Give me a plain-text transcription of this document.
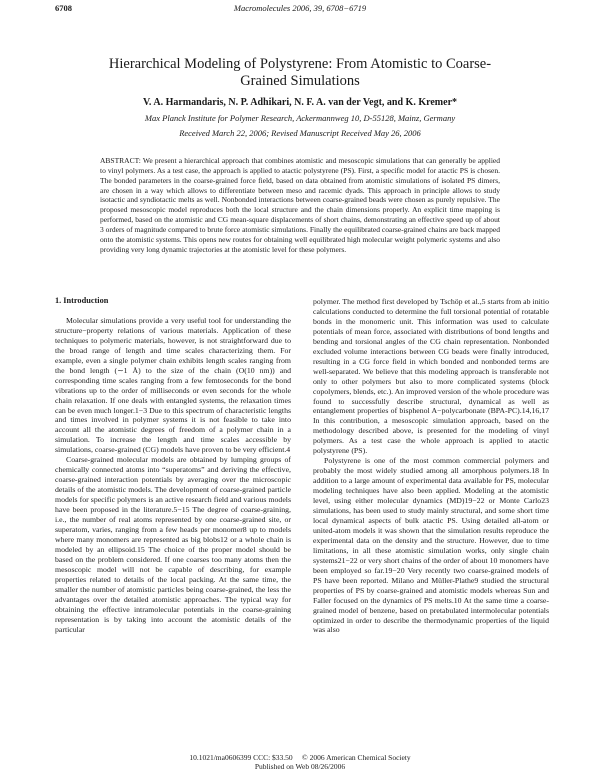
6708	Macromolecules 2006, 39, 6708−6719
Hierarchical Modeling of Polystyrene: From Atomistic to Coarse-Grained Simulations
V. A. Harmandaris, N. P. Adhikari, N. F. A. van der Vegt, and K. Kremer*
Max Planck Institute for Polymer Research, Ackermannweg 10, D-55128, Mainz, Germany
Received March 22, 2006; Revised Manuscript Received May 26, 2006
ABSTRACT: We present a hierarchical approach that combines atomistic and mesoscopic simulations that can generally be applied to vinyl polymers. As a test case, the approach is applied to atactic polystyrene (PS). First, a specific model for atactic PS is chosen. The bonded parameters in the coarse-grained force field, based on data obtained from atomistic simulations of isolated PS dimers, are chosen in a way which allows to differentiate between meso and racemic dyads. This approach in principle allows to study isotactic and syndiotactic melts as well. Nonbonded interactions between coarse-grained beads were chosen as purely repulsive. The proposed mesoscopic model reproduces both the local structure and the chain dimensions properly. An explicit time mapping is performed, based on the atomistic and CG mean-square displacements of short chains, demonstrating an effective speed up of about 3 orders of magnitude compared to brute force atomistic simulations. Finally the equilibrated coarse-grained chains are back mapped onto the atomistic systems. This opens new routes for obtaining well equilibrated high molecular weight polymeric systems and also providing very long dynamic trajectories at the atomistic level for these polymers.
1. Introduction

Molecular simulations provide a very useful tool for understanding the structure−property relations of various materials. Application of these techniques to polymeric materials, however, is not straightforward due to the broad range of length and time scales characterizing them. For example, even a single polymer chain exhibits length scales ranging from the bond length (∼1 Å) to the size of the chain (O(10 nm)) and corresponding time scales ranging from a few femtoseconds for the bond vibrations up to the order of milliseconds or even seconds for the whole chain relaxation. If one deals with entangled systems, the relaxation times can be even much longer.1−3 Due to this spectrum of characteristic lengths and times involved in polymer systems it is not feasible to take into account all the atomistic degrees of freedom of a polymer chain in a simulation. To increase the length and time scales accessible by simulations, coarse-grained (CG) models have proven to be very efficient.4

Coarse-grained molecular models are obtained by lumping groups of chemically connected atoms into “superatoms” and deriving the effective, coarse-grained interaction potentials by averaging over the microscopic details of the atomistic models. The development of coarse-grained particle models for specific polymers is an active research field and various models have been proposed in the literature.5−15 The degree of coarse-graining, i.e., the number of real atoms represented by one coarse-grained site, or superatom, varies, ranging from a few heads per monomer8 up to models where many monomers are represented as big blobs12 or a whole chain is modeled by an ellipsoid.15 The choice of the proper model should be based on the problem considered. If one coarses too many atoms then the mesoscopic model will not be capable of describing, for example properties related to details of the local packing. At the same time, the smaller the number of atomistic particles being coarse-grained, the less the advantages over the detailed atomistic approaches. The typical way for obtaining the effective intramolecular potentials in the coarse-graining representation is by taking into account the atomistic details of the particular

polymer. The method first developed by Tschöp et al.,5 starts from ab initio calculations conducted to determine the full torsional potential of rotatable bonds in the monomeric unit. This information was used to calculate potentials of mean force, associated with distributions of bond lengths and bending and torsional angles of the CG chain representation. Nonbonded excluded volume interactions between CG beads were finally introduced, resulting in a CG force field in which bonded and nonbonded terms are well-separated. We believe that this modeling approach is transferable not only to other polymers but also to more complicated systems (block copolymers, blends, etc.). An improved version of the whole procedure was found to successfully describe structural, dynamical as well as entanglement properties of bisphenol A−polycarbonate (BPA-PC).14,16,17 In this contribution, a mesoscopic simulation approach, based on the methodology described above, is presented for the modeling of vinyl polymers. As a test case the whole approach is applied to atactic polystyrene (PS).

Polystyrene is one of the most common commercial polymers and probably the most widely studied among all amorphous polymers.18 In addition to a large amount of experimental data available for PS, molecular modeling techniques have also been applied. Modeling at the atomistic level, using either molecular dynamics (MD)19−22 or Monte Carlo23 simulations, has been used to study mainly structural, and some short time local dynamical aspects of bulk atactic PS. Using detailed all-atom or united-atom models it was shown that the simulation results reproduce the experimental data on the density and the structure. However, due to time limitations, in all these atomistic simulation works, only single chain systems21−22 or very short chains of the order of about 10 monomers have been employed so far.19−20 Very recently two coarse-grained models of PS have been reported. Milano and Müller-Plathe9 studied the structural properties of PS by coarse-grained and atomistic models whereas Sun and Faller focused on the dynamics of PS melts.10 At the same time a coarse-grained model of benzene, based on pretabulated intermolecular potentials optimized in order to describe the thermodynamic properties of the liquid was also

10.1021/ma0606399 CCC: $33.50     © 2006 American Chemical Society
Published on Web 08/26/2006
